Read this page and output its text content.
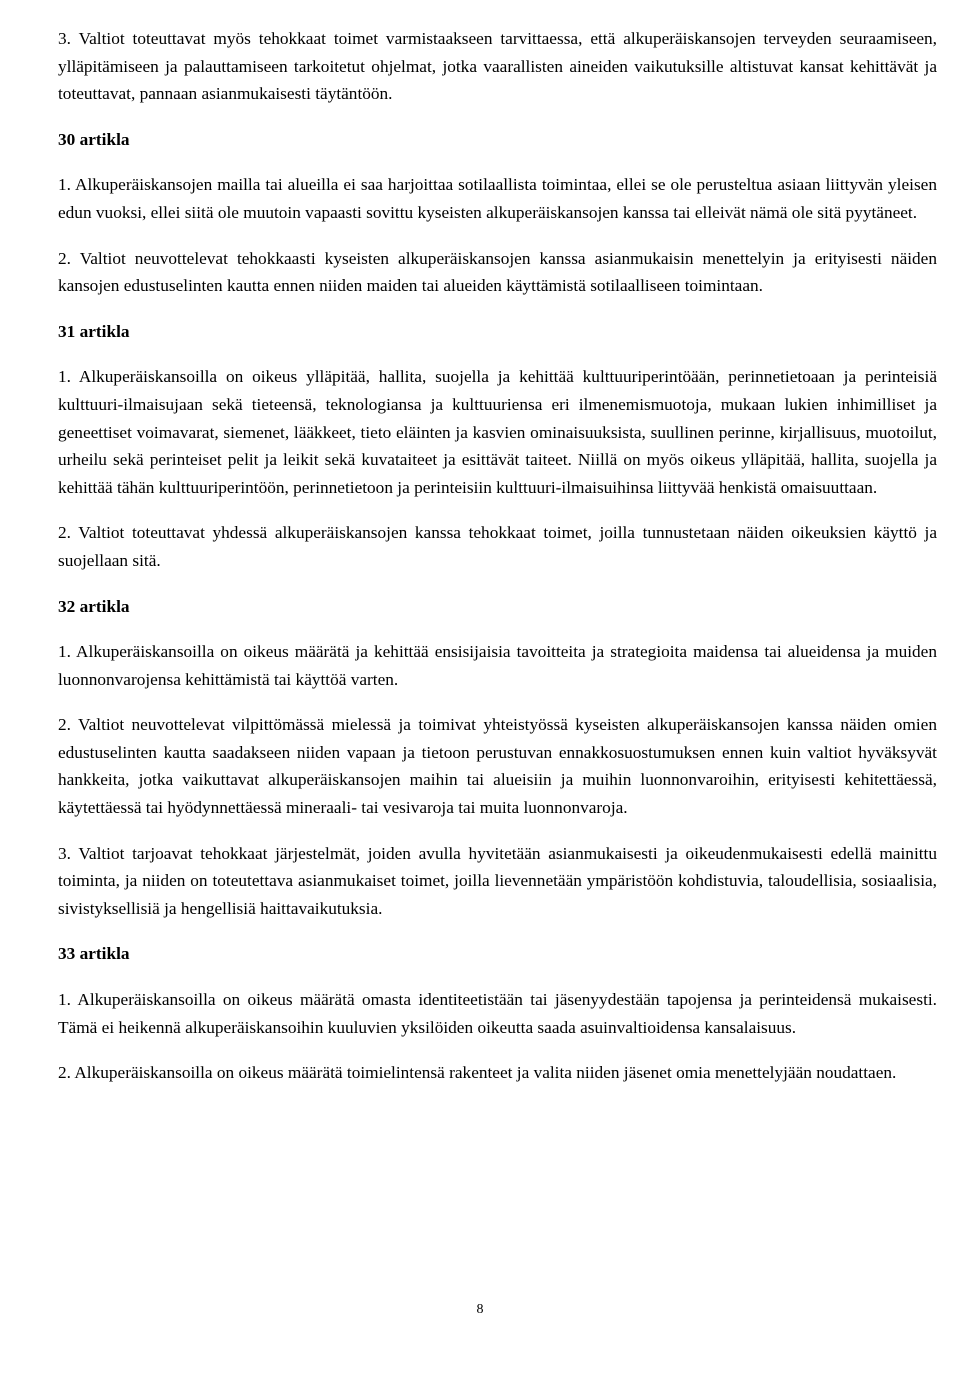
3. Valtiot toteuttavat myös tehokkaat toimet varmistaakseen tarvittaessa, että alkuperäiskansojen terveyden seuraamiseen, ylläpitämiseen ja palauttamiseen tarkoitetut ohjelmat, jotka vaarallisten aineiden vaikutuksille altistuvat kansat kehittävät ja toteuttavat, pannaan asianmukaisesti täytäntöön.

30 artikla

1. Alkuperäiskansojen mailla tai alueilla ei saa harjoittaa sotilaallista toimintaa, ellei se ole perusteltua asiaan liittyvän yleisen edun vuoksi, ellei siitä ole muutoin vapaasti sovittu kyseisten alkuperäiskansojen kanssa tai elleivät nämä ole sitä pyytäneet.

2. Valtiot neuvottelevat tehokkaasti kyseisten alkuperäiskansojen kanssa asianmukaisin menettelyin ja erityisesti näiden kansojen edustuselinten kautta ennen niiden maiden tai alueiden käyttämistä sotilaalliseen toimintaan.

31 artikla

1. Alkuperäiskansoilla on oikeus ylläpitää, hallita, suojella ja kehittää kulttuuriperintöään, perinnetietoaan ja perinteisiä kulttuuri-ilmaisujaan sekä tieteensä, teknologiansa ja kulttuuriensa eri ilmenemismuotoja, mukaan lukien inhimilliset ja geneettiset voimavarat, siemenet, lääkkeet, tieto eläinten ja kasvien ominaisuuksista, suullinen perinne, kirjallisuus, muotoilut, urheilu sekä perinteiset pelit ja leikit sekä kuvataiteet ja esittävät taiteet. Niillä on myös oikeus ylläpitää, hallita, suojella ja kehittää tähän kulttuuriperintöön, perinnetietoon ja perinteisiin kulttuuri-ilmaisuihinsa liittyvää henkistä omaisuuttaan.

2. Valtiot toteuttavat yhdessä alkuperäiskansojen kanssa tehokkaat toimet, joilla tunnustetaan näiden oikeuksien käyttö ja suojellaan sitä.

32 artikla

1. Alkuperäiskansoilla on oikeus määrätä ja kehittää ensisijaisia tavoitteita ja strategioita maidensa tai alueidensa ja muiden luonnonvarojensa kehittämistä tai käyttöä varten.

2. Valtiot neuvottelevat vilpittömässä mielessä ja toimivat yhteistyössä kyseisten alkuperäiskansojen kanssa näiden omien edustuselinten kautta saadakseen niiden vapaan ja tietoon perustuvan ennakkosuostumuksen ennen kuin valtiot hyväksyvät hankkeita, jotka vaikuttavat alkuperäiskansojen maihin tai alueisiin ja muihin luonnonvaroihin, erityisesti kehitettäessä, käytettäessä tai hyödynnettäessä mineraali- tai vesivaroja tai muita luonnonvaroja.

3. Valtiot tarjoavat tehokkaat järjestelmät, joiden avulla hyvitetään asianmukaisesti ja oikeudenmukaisesti edellä mainittu toiminta, ja niiden on toteutettava asianmukaiset toimet, joilla lievennetään ympäristöön kohdistuvia, taloudellisia, sosiaalisia, sivistyksellisiä ja hengellisiä haittavaikutuksia.

33 artikla

1. Alkuperäiskansoilla on oikeus määrätä omasta identiteetistään tai jäsenyydestään tapojensa ja perinteidensä mukaisesti. Tämä ei heikennä alkuperäiskansoihin kuuluvien yksilöiden oikeutta saada asuinvaltioidensa kansalaisuus.

2. Alkuperäiskansoilla on oikeus määrätä toimielintensä rakenteet ja valita niiden jäsenet omia menettelyjään noudattaen.

8
